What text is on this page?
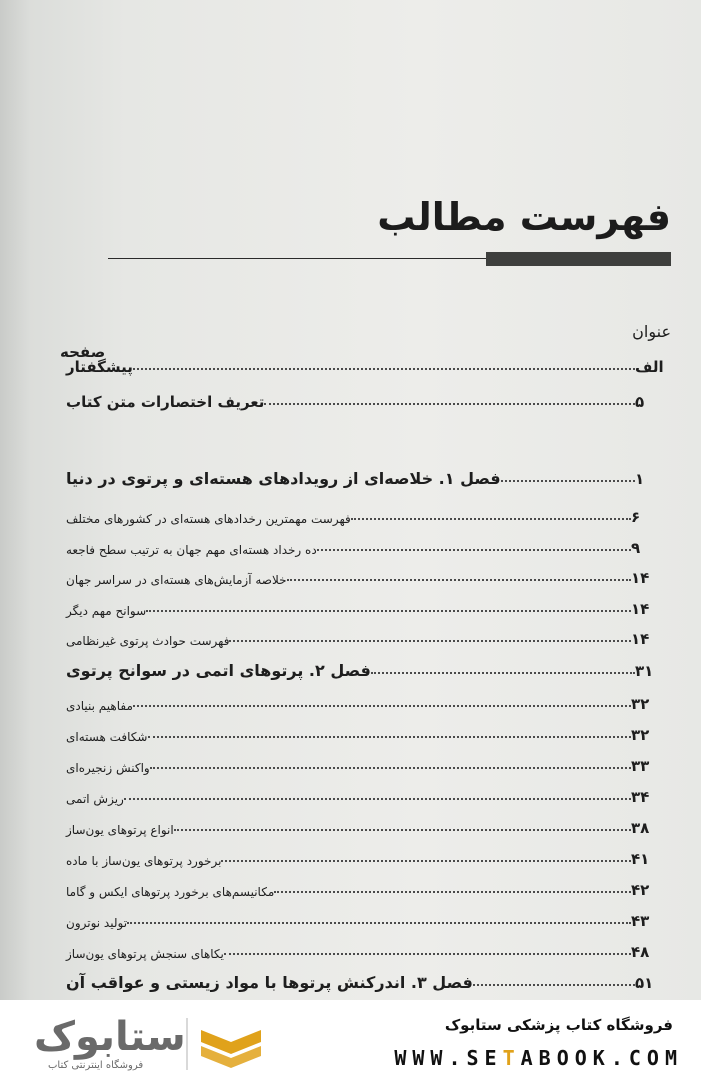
فهرست مطالب
عنوان
صفحه
پیشگفتار	الف
تعریف اختصارات متن کتاب	۵
فصل ۱. خلاصه‌ای از رویدادهای هسته‌ای و پرتوی در دنیا	۱
فهرست مهمترین رخدادهای هسته‌ای در کشورهای مختلف	۶
ده رخداد هسته‌ای مهم جهان به ترتیب سطح فاجعه	۹
خلاصه آزمایش‌های هسته‌ای در سراسر جهان	۱۴
سوانح مهم دیگر	۱۴
فهرست حوادث پرتوی غیرنظامی	۱۴
فصل ۲. پرتوهای اتمی در سوانح پرتوی	۳۱
مفاهیم بنیادی	۳۲
شکافت هسته‌ای	۳۲
واکنش زنجیره‌ای	۳۳
ریزش اتمی	۳۴
انواع پرتوهای یون‌ساز	۳۸
برخورد پرتوهای یون‌ساز با ماده	۴۱
مکانیسم‌های برخورد پرتوهای ایکس و گاما	۴۲
تولید نوترون	۴۳
یکاهای سنجش پرتوهای یون‌ساز	۴۸
فصل ۳. اندرکنش پرتوها با مواد زیستی و عواقب آن	۵۱
ستابوک
فروشگاه اینترنتی کتاب
فروشگاه کتاب پزشکی ستابوک
WWW.SETABOOK.COM
